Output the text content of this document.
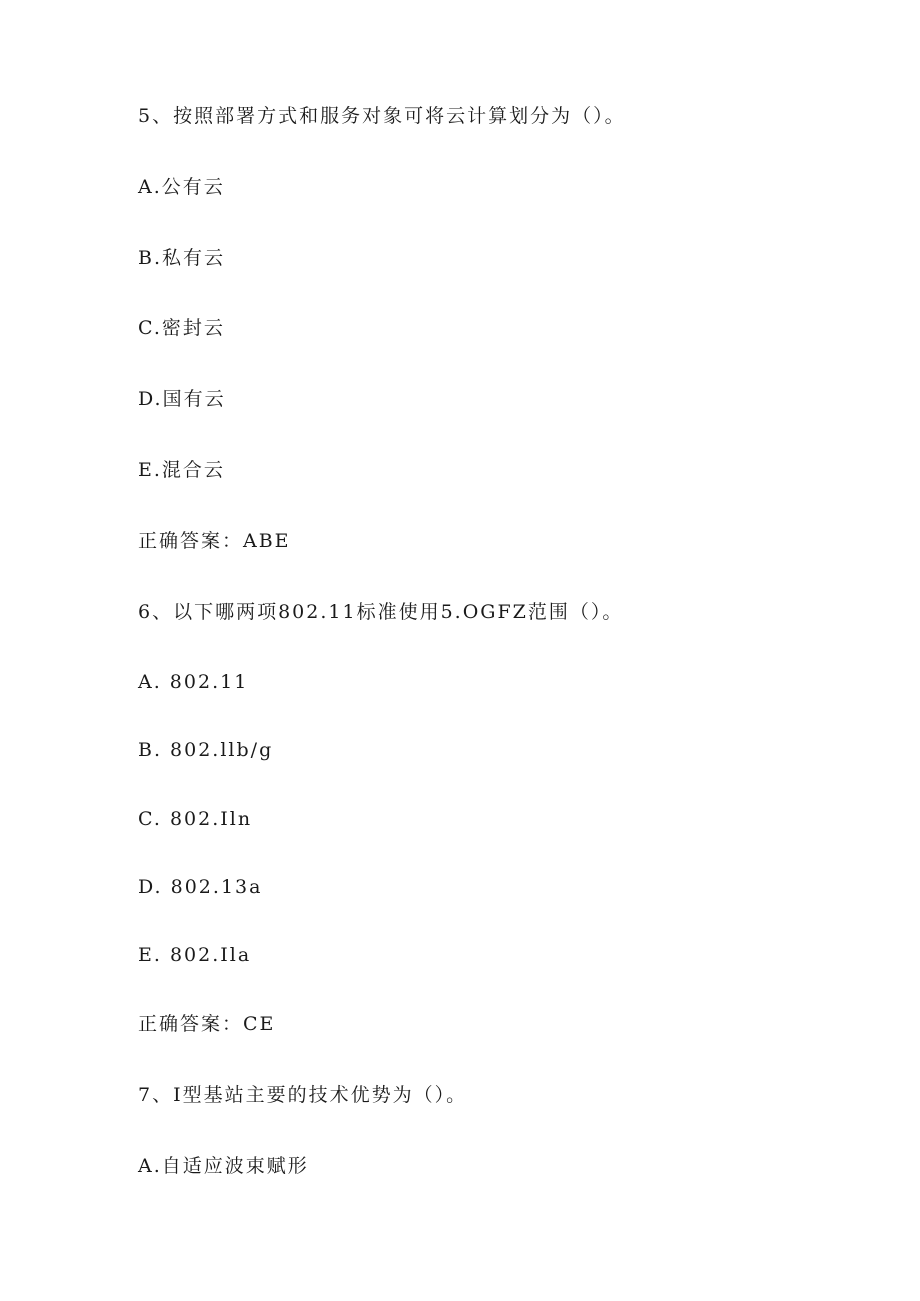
5、按照部署方式和服务对象可将云计算划分为（）。

A.公有云

B.私有云

C.密封云

D.国有云

E.混合云

正确答案：ABE

6、以下哪两项802.11标准使用5.OGFZ范围（）。

A. 802.11

B. 802.llb/g

C. 802.Iln

D. 802.13a

E. 802.Ila

正确答案：CE

7、I型基站主要的技术优势为（）。

A.自适应波束赋形
